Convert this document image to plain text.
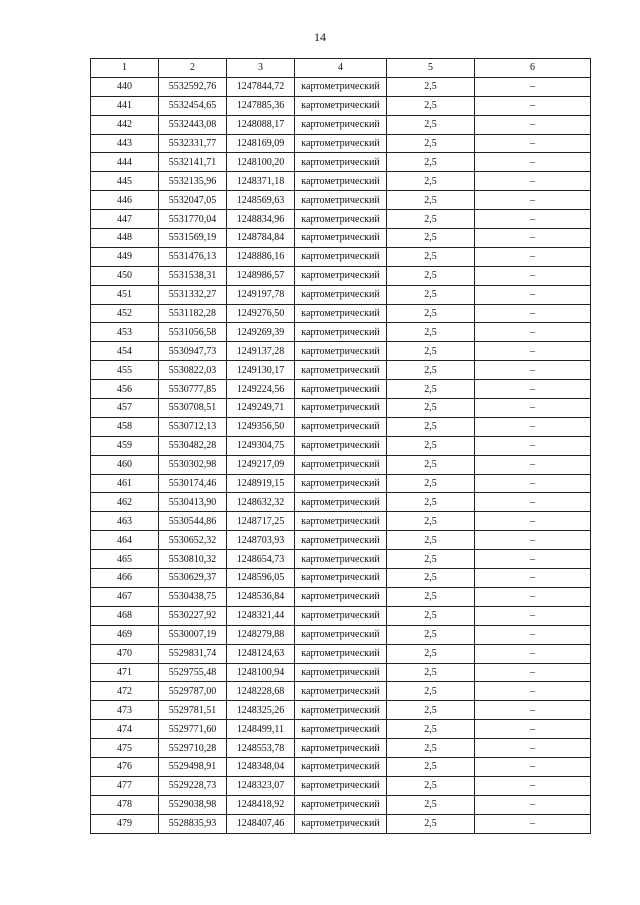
14
1	2	3	4	5	6
440	5532592,76	1247844,72	картометрический	2,5	–
441	5532454,65	1247885,36	картометрический	2,5	–
442	5532443,08	1248088,17	картометрический	2,5	–
443	5532331,77	1248169,09	картометрический	2,5	–
444	5532141,71	1248100,20	картометрический	2,5	–
445	5532135,96	1248371,18	картометрический	2,5	–
446	5532047,05	1248569,63	картометрический	2,5	–
447	5531770,04	1248834,96	картометрический	2,5	–
448	5531569,19	1248784,84	картометрический	2,5	–
449	5531476,13	1248886,16	картометрический	2,5	–
450	5531538,31	1248986,57	картометрический	2,5	–
451	5531332,27	1249197,78	картометрический	2,5	–
452	5531182,28	1249276,50	картометрический	2,5	–
453	5531056,58	1249269,39	картометрический	2,5	–
454	5530947,73	1249137,28	картометрический	2,5	–
455	5530822,03	1249130,17	картометрический	2,5	–
456	5530777,85	1249224,56	картометрический	2,5	–
457	5530708,51	1249249,71	картометрический	2,5	–
458	5530712,13	1249356,50	картометрический	2,5	–
459	5530482,28	1249304,75	картометрический	2,5	–
460	5530302,98	1249217,09	картометрический	2,5	–
461	5530174,46	1248919,15	картометрический	2,5	–
462	5530413,90	1248632,32	картометрический	2,5	–
463	5530544,86	1248717,25	картометрический	2,5	–
464	5530652,32	1248703,93	картометрический	2,5	–
465	5530810,32	1248654,73	картометрический	2,5	–
466	5530629,37	1248596,05	картометрический	2,5	–
467	5530438,75	1248536,84	картометрический	2,5	–
468	5530227,92	1248321,44	картометрический	2,5	–
469	5530007,19	1248279,88	картометрический	2,5	–
470	5529831,74	1248124,63	картометрический	2,5	–
471	5529755,48	1248100,94	картометрический	2,5	–
472	5529787,00	1248228,68	картометрический	2,5	–
473	5529781,51	1248325,26	картометрический	2,5	–
474	5529771,60	1248499,11	картометрический	2,5	–
475	5529710,28	1248553,78	картометрический	2,5	–
476	5529498,91	1248348,04	картометрический	2,5	–
477	5529228,73	1248323,07	картометрический	2,5	–
478	5529038,98	1248418,92	картометрический	2,5	–
479	5528835,93	1248407,46	картометрический	2,5	–
